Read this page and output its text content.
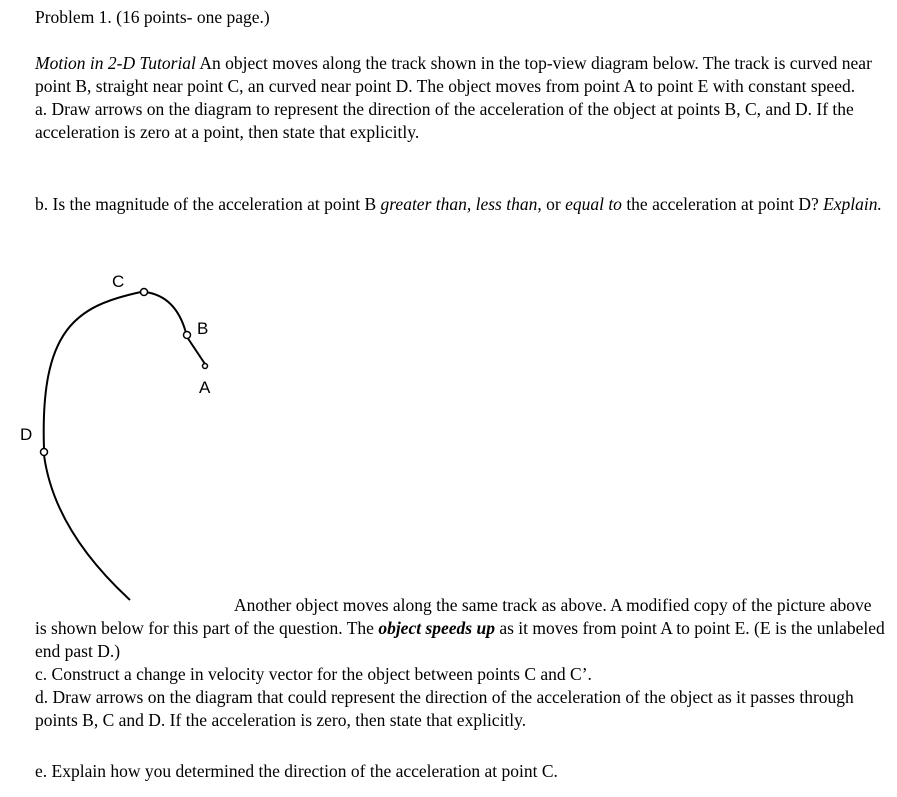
Problem 1. (16 points- one page.)

Motion in 2-D Tutorial An object moves along the track shown in the top-view diagram below. The track is curved near point B, straight near point C, an curved near point D. The object moves from point A to point E with constant speed.
a. Draw arrows on the diagram to represent the direction of the acceleration of the object at points B, C, and D. If the acceleration is zero at a point, then state that explicitly.
b. Is the magnitude of the acceleration at point B greater than, less than, or equal to the acceleration at point D? Explain.
C
B
A
D
Another object moves along the same track as above. A modified copy of the picture above is shown below for this part of the question. The object speeds up as it moves from point A to point E. (E is the unlabeled end past D.)
c. Construct a change in velocity vector for the object between points C and C’.
d. Draw arrows on the diagram that could represent the direction of the acceleration of the object as it passes through points B, C and D. If the acceleration is zero, then state that explicitly.

e. Explain how you determined the direction of the acceleration at point C.
